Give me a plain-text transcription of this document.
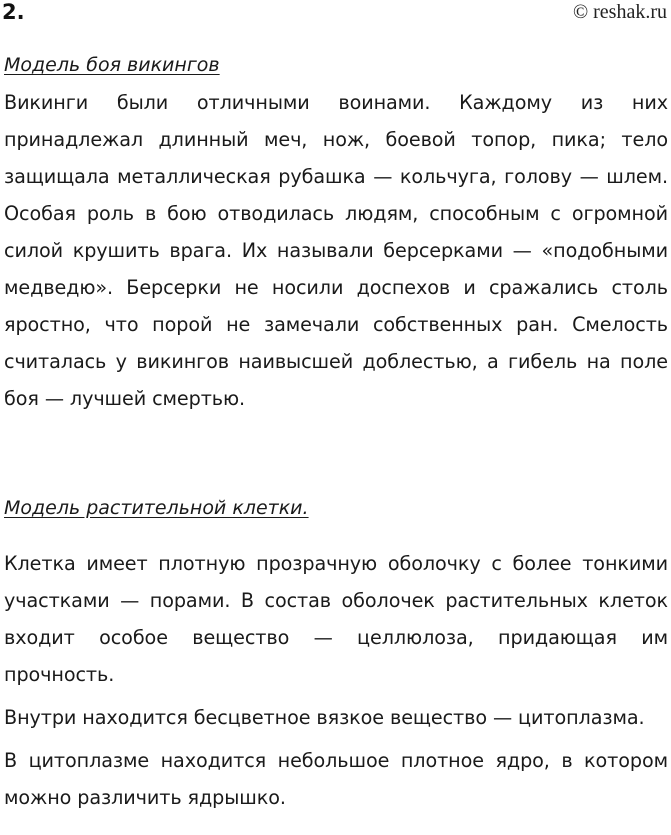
2.	© reshak.ru

Модель боя викингов

Викинги были отличными воинами. Каждому из них принадлежал длинный меч, нож, боевой топор, пика; тело защищала металлическая рубашка — кольчуга, голову — шлем. Особая роль в бою отводилась людям, способным с огромной силой крушить врага. Их называли берсерками — «подобными медведю». Берсерки не носили доспехов и сражались столь яростно, что порой не замечали собственных ран. Смелость считалась у викингов наивысшей доблестью, а гибель на поле боя — лучшей смертью.

Модель растительной клетки.

Клетка имеет плотную прозрачную оболочку с более тонкими участками — порами. В состав оболочек растительных клеток входит особое вещество — целлюлоза, придающая им прочность.

Внутри находится бесцветное вязкое вещество — цитоплазма.

В цитоплазме находится небольшое плотное ядро, в котором можно различить ядрышко.
